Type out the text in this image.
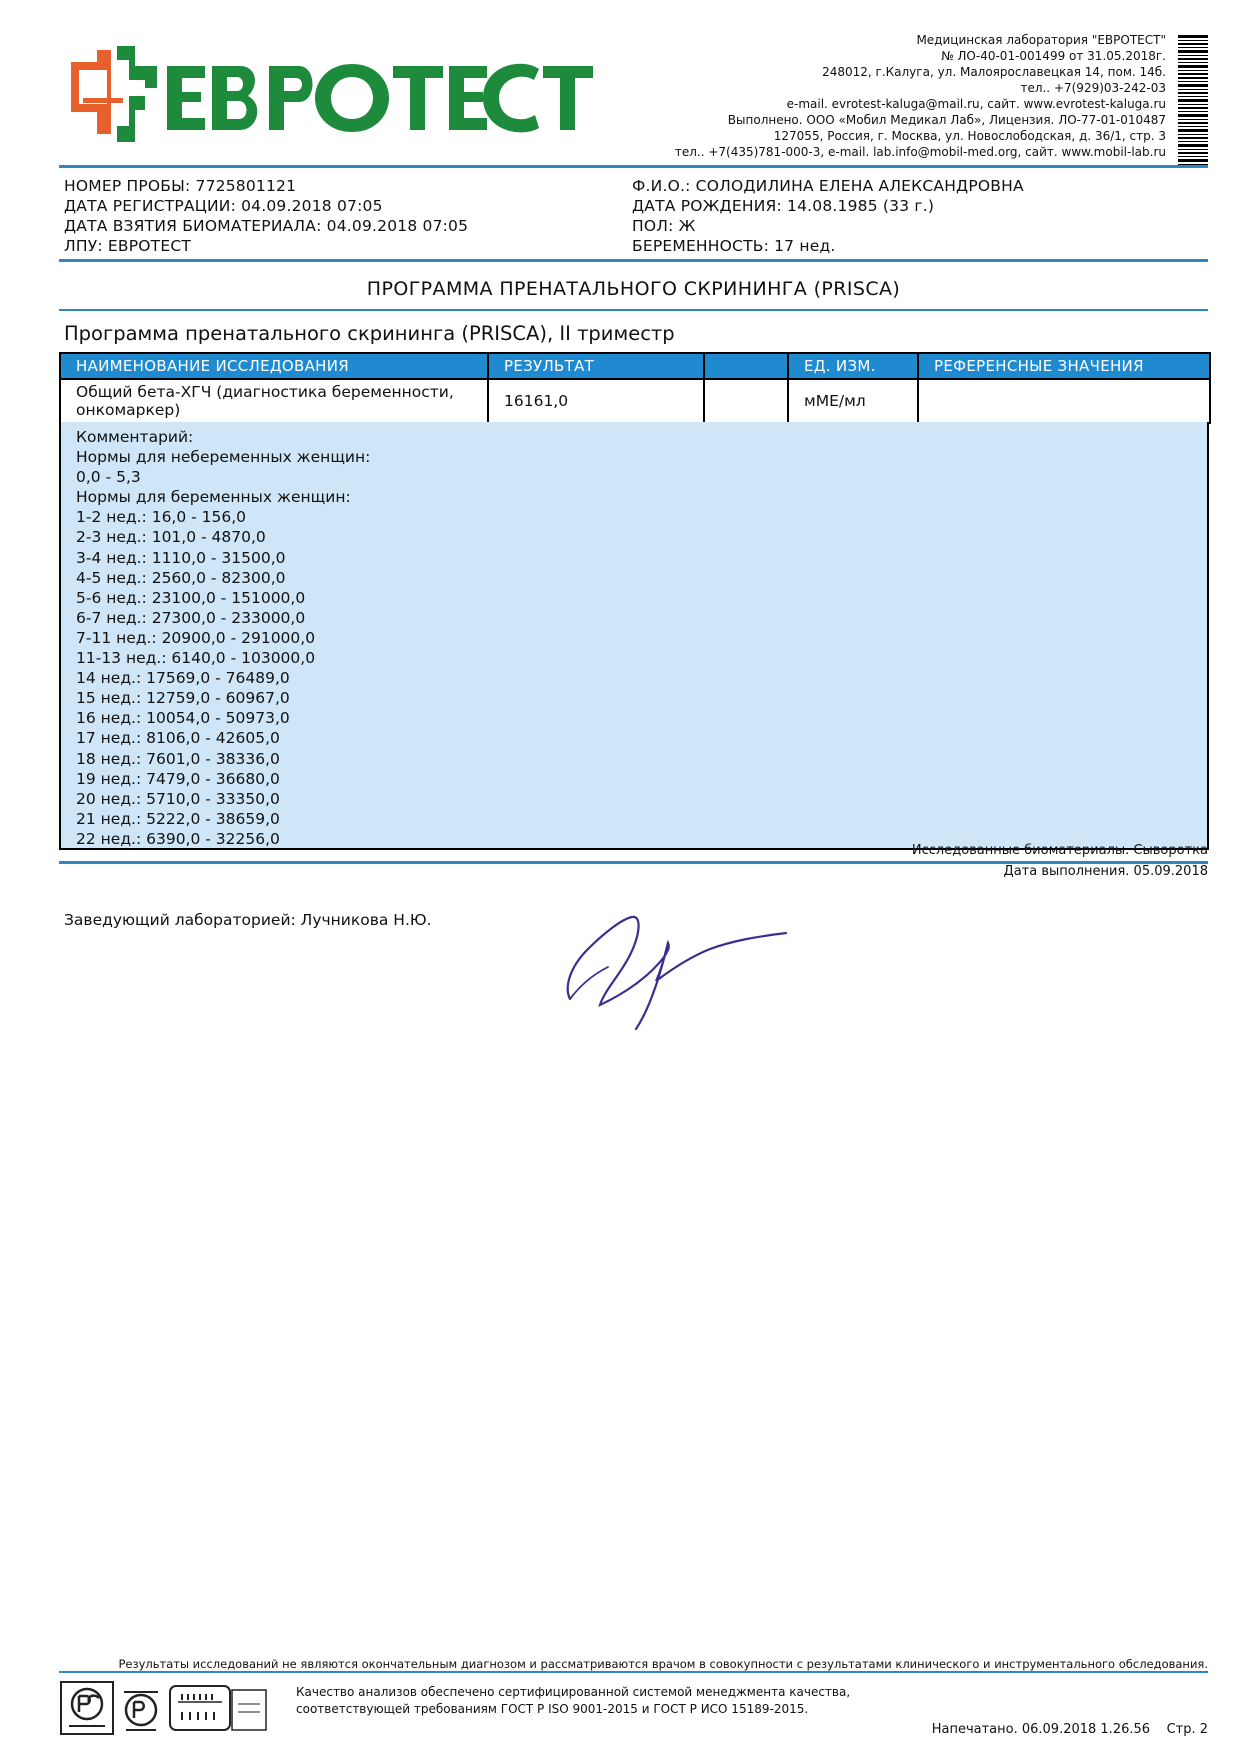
Медицинская лаборатория "ЕВРОТЕСТ"
№ ЛО-40-01-001499 от 31.05.2018г.
248012, г.Калуга, ул. Малоярославецкая 14, пом. 14б.
тел.. +7(929)03-242-03
e-mail. evrotest-kaluga@mail.ru, сайт. www.evrotest-kaluga.ru
Выполнено. ООО «Мобил Медикал Лаб», Лицензия. ЛО-77-01-010487
127055, Россия, г. Москва, ул. Новослободская, д. 36/1, стр. 3
тел.. +7(435)781-000-3, e-mail. lab.info@mobil-med.org, сайт. www.mobil-lab.ru
НОМЕР ПРОБЫ: 7725801121
ДАТА РЕГИСТРАЦИИ: 04.09.2018 07:05
ДАТА ВЗЯТИЯ БИОМАТЕРИАЛА: 04.09.2018 07:05
ЛПУ: ЕВРОТЕСТ
Ф.И.О.: СОЛОДИЛИНА ЕЛЕНА АЛЕКСАНДРОВНА
ДАТА РОЖДЕНИЯ: 14.08.1985 (33 г.)
ПОЛ: Ж
БЕРЕМЕННОСТЬ: 17 нед.
ПРОГРАММА ПРЕНАТАЛЬНОГО СКРИНИНГА (PRISCA)
Программа пренатального скрининга (PRISCA), II триместр
НАИМЕНОВАНИЕ ИССЛЕДОВАНИЯ	РЕЗУЛЬТАТ		ЕД. ИЗМ.	РЕФЕРЕНСНЫЕ ЗНАЧЕНИЯ
Общий бета-ХГЧ (диагностика беременности, онкомаркер)	16161,0		мМЕ/мл	
Комментарий:
Нормы для небеременных женщин:
0,0 - 5,3
Нормы для беременных женщин:
1-2 нед.: 16,0 - 156,0
2-3 нед.: 101,0 - 4870,0
3-4 нед.: 1110,0 - 31500,0
4-5 нед.: 2560,0 - 82300,0
5-6 нед.: 23100,0 - 151000,0
6-7 нед.: 27300,0 - 233000,0
7-11 нед.: 20900,0 - 291000,0
11-13 нед.: 6140,0 - 103000,0
14 нед.: 17569,0 - 76489,0
15 нед.: 12759,0 - 60967,0
16 нед.: 10054,0 - 50973,0
17 нед.: 8106,0 - 42605,0
18 нед.: 7601,0 - 38336,0
19 нед.: 7479,0 - 36680,0
20 нед.: 5710,0 - 33350,0
21 нед.: 5222,0 - 38659,0
22 нед.: 6390,0 - 32256,0
Исследованные биоматериалы. Сыворотка
Дата выполнения. 05.09.2018
Заведующий лабораторией: Лучникова Н.Ю.
Результаты исследований не являются окончательным диагнозом и рассматриваются врачом в совокупности с результатами клинического и инструментального обследования.
Качество анализов обеспечено сертифицированной системой менеджмента качества,
соответствующей требованиям ГОСТ Р ISO 9001-2015 и ГОСТ Р ИСО 15189-2015.
Напечатано. 06.09.2018 1.26.56 Стр. 2
